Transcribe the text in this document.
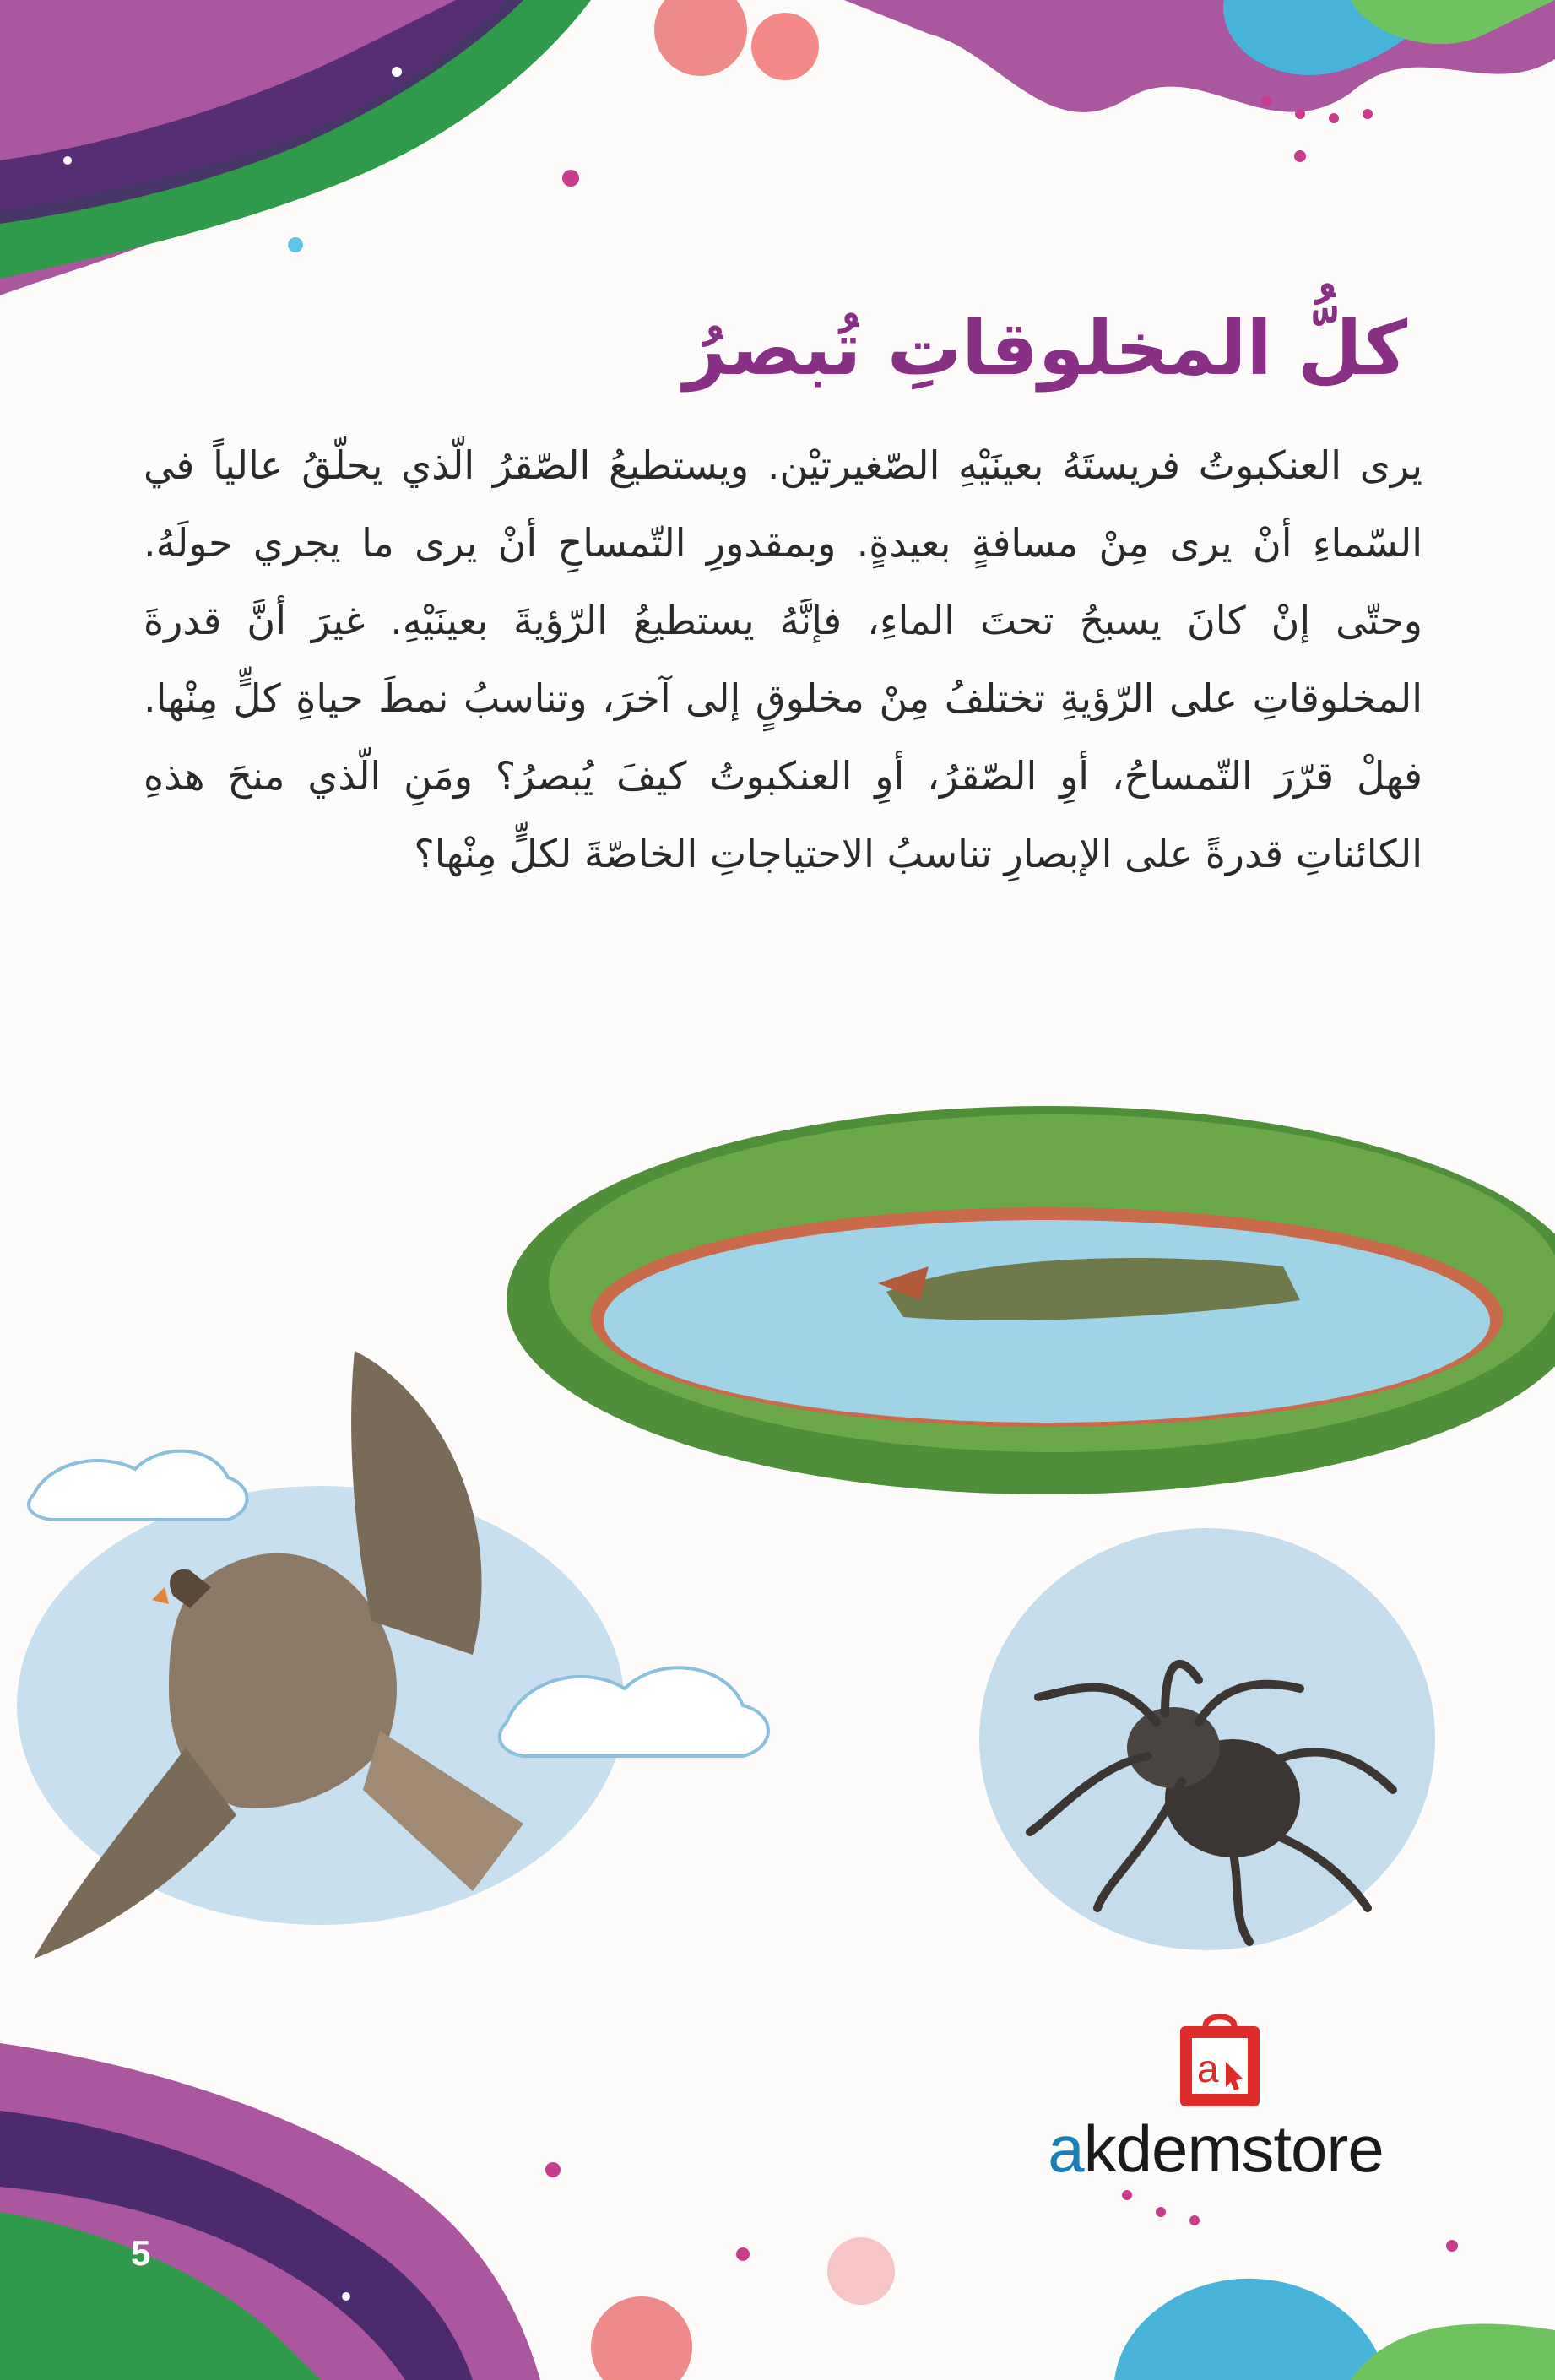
كلُّ المخلوقاتِ تُبصرُ

يرى العنكبوتُ فريستَهُ بعينَيْهِ الصّغيرتيْن. ويستطيعُ الصّقرُ الّذي يحلّقُ عالياً في السّماءِ أنْ يرى مِنْ مسافةٍ بعيدةٍ. وبمقدورِ التّمساحِ أنْ يرى ما يجري حولَهُ. وحتّى إنْ كانَ يسبحُ تحتَ الماءِ، فإنَّهُ يستطيعُ الرّؤيةَ بعينَيْهِ. غيرَ أنَّ قدرةَ المخلوقاتِ على الرّؤيةِ تختلفُ مِنْ مخلوقٍ إلى آخرَ، وتناسبُ نمطَ حياةِ كلٍّ مِنْها. فهلْ قرّرَ التّمساحُ، أوِ الصّقرُ، أوِ العنكبوتُ كيفَ يُبصرُ؟ ومَنِ الّذي منحَ هذهِ الكائناتِ قدرةً على الإبصارِ تناسبُ الاحتياجاتِ الخاصّةَ لكلٍّ مِنْها؟

5
a
akdemstore
